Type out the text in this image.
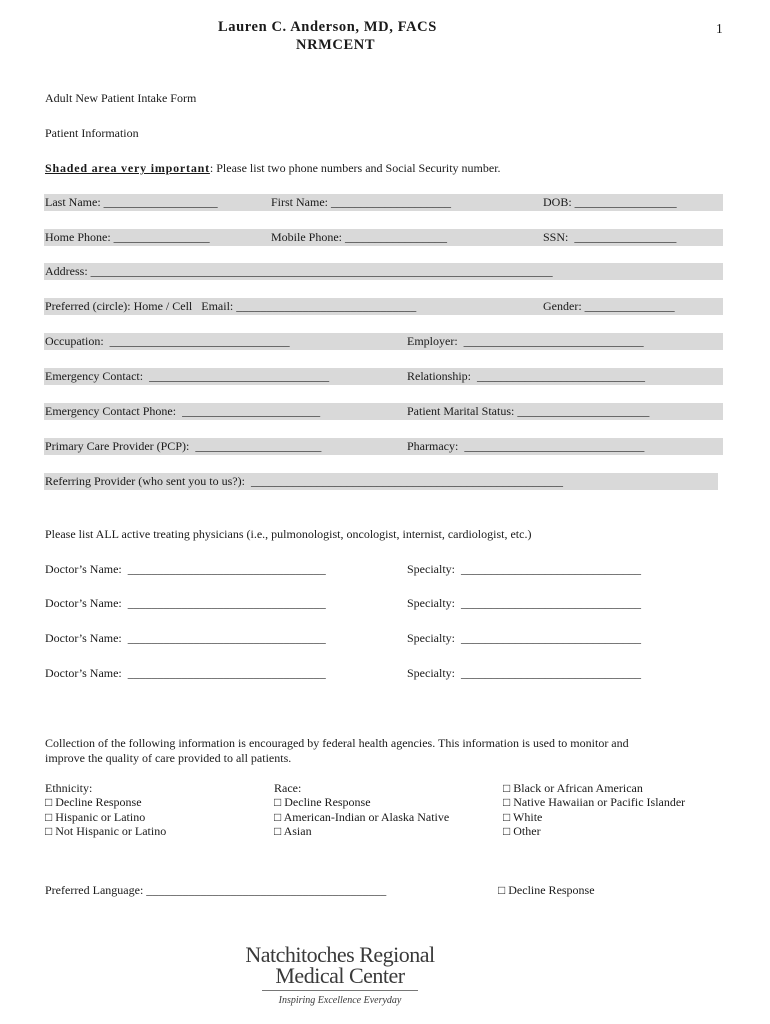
Lauren C. Anderson, MD, FACS
NRMCENT
1
Adult New Patient Intake Form
Patient Information
Shaded area very important: Please list two phone numbers and Social Security number.
Last Name: ___________________	First Name: ____________________	DOB: _________________
Home Phone: ________________	Mobile Phone: _________________	SSN:  _________________
Address: _____________________________________________________________________________
Preferred (circle): Home / Cell   Email: ______________________________	Gender: _______________
Occupation:  ______________________________	Employer:  ______________________________
Emergency Contact:  ______________________________	Relationship:  ____________________________
Emergency Contact Phone:  _______________________	Patient Marital Status: ______________________
Primary Care Provider (PCP):  _____________________	Pharmacy:  ______________________________
Referring Provider (who sent you to us?):  ____________________________________________________
Please list ALL active treating physicians (i.e., pulmonologist, oncologist, internist, cardiologist, etc.)
Doctor’s Name:  _________________________________	Specialty:  ______________________________
Doctor’s Name:  _________________________________	Specialty:  ______________________________
Doctor’s Name:  _________________________________	Specialty:  ______________________________
Doctor’s Name:  _________________________________	Specialty:  ______________________________
Collection of the following information is encouraged by federal health agencies. This information is used to monitor and
improve the quality of care provided to all patients.
Ethnicity:
□ Decline Response
□ Hispanic or Latino
□ Not Hispanic or Latino
Race:
□ Decline Response
□ American-Indian or Alaska Native
□ Asian
□ Black or African American
□ Native Hawaiian or Pacific Islander
□ White
□ Other
Preferred Language: ________________________________________	□ Decline Response
Natchitoches Regional
Medical Center
Inspiring Excellence Everyday
